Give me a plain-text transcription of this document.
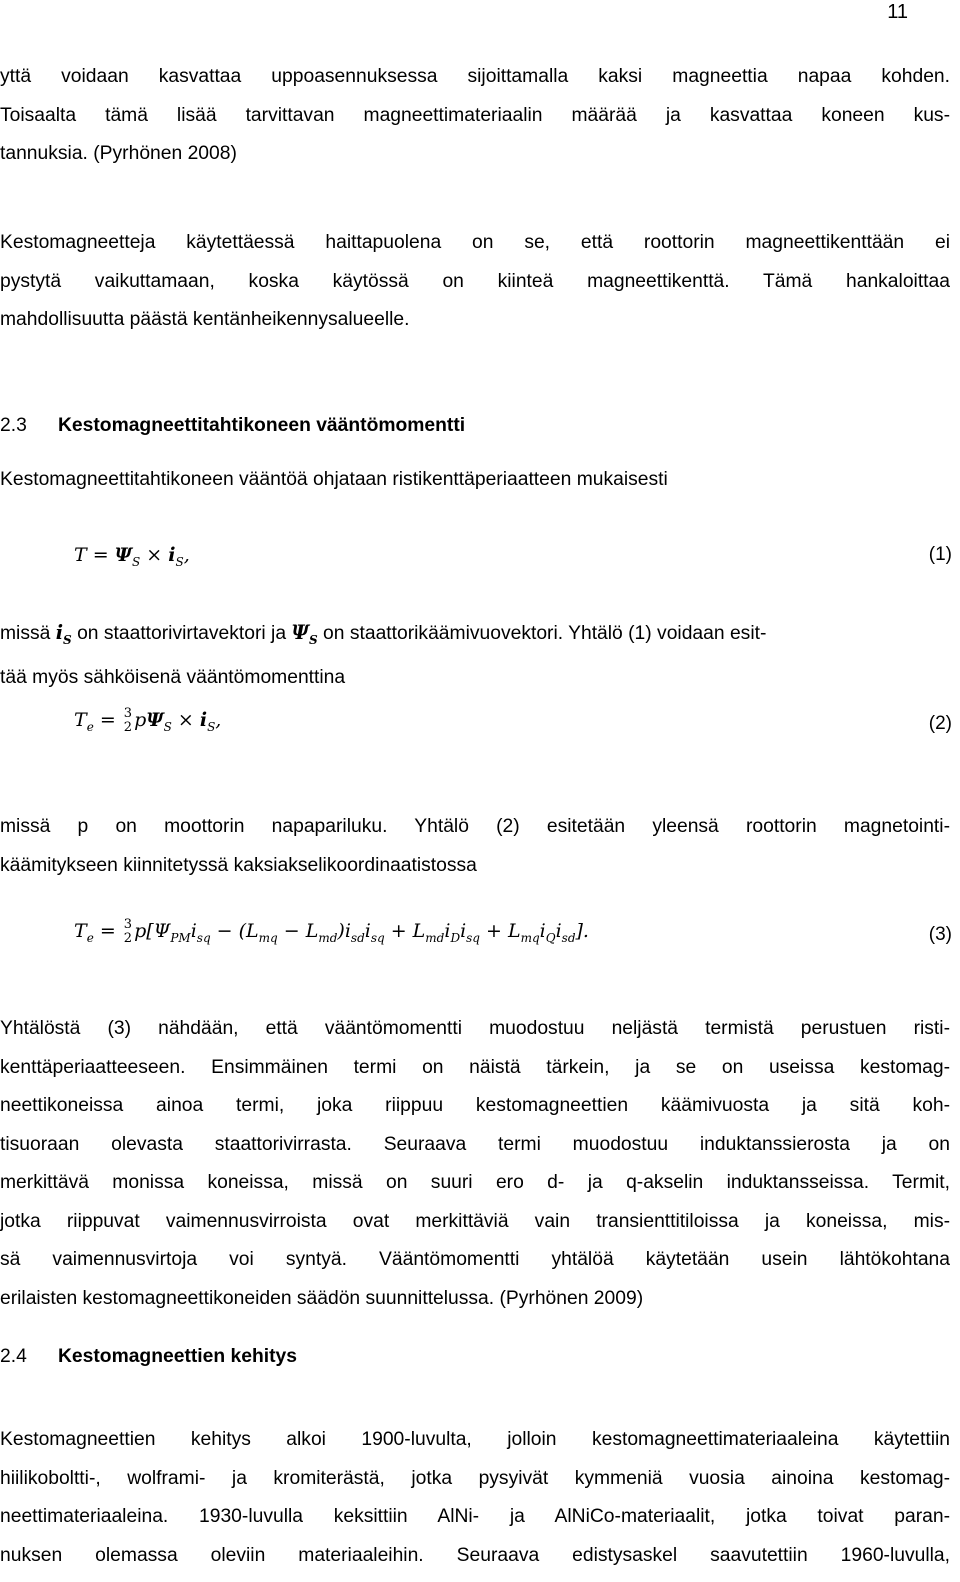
11
yttä voidaan kasvattaa uppoasennuksessa sijoittamalla kaksi magneettia napaa kohden.
Toisaalta tämä lisää tarvittavan magneettimateriaalin määrää ja kasvattaa koneen kus-
tannuksia. (Pyrhönen 2008)
Kestomagneetteja käytettäessä haittapuolena on se, että roottorin magneettikenttään ei
pystytä vaikuttamaan, koska käytössä on kiinteä magneettikenttä. Tämä hankaloittaa
mahdollisuutta päästä kentänheikennysalueelle.
2.3 Kestomagneettitahtikoneen vääntömomentti
Kestomagneettitahtikoneen vääntöä ohjataan ristikenttäperiaatteen mukaisesti
$T = \Psi_S \times i_S$,	(1)
missä $i_S$ on staattorivirtavektori ja $\Psi_S$ on staattorikäämivuovektori. Yhtälö (1) voidaan esit-
tää myös sähköisenä vääntömomenttina
$T_e = 3$
2 $p\Psi_S \times i_S$,	(2)
missä p on moottorin napapariluku. Yhtälö (2) esitetään yleensä roottorin magnetointi-
käämitykseen kiinnitetyssä kaksiakselikoordinaatistossa
$T_e = 3$
2 $p[\Psi_{PM}i_{sq} - (L_{mq} - L_{md})i_{sd}i_{sq} + L_{md}i_Di_{sq} + L_{mq}i_Qi_{sd}]$.	(3)
Yhtälöstä (3) nähdään, että vääntömomentti muodostuu neljästä termistä perustuen risti-
kenttäperiaatteeseen. Ensimmäinen termi on näistä tärkein, ja se on useissa kestomag-
neettikoneissa ainoa termi, joka riippuu kestomagneettien käämivuosta ja sitä koh-
tisuoraan olevasta staattorivirrasta. Seuraava termi muodostuu induktanssierosta ja on
merkittävä monissa koneissa, missä on suuri ero d- ja q-akselin induktansseissa. Termit,
jotka riippuvat vaimennusvirroista ovat merkittäviä vain transienttitiloissa ja koneissa, mis-
sä vaimennusvirtoja voi syntyä. Vääntömomentti yhtälöä käytetään usein lähtökohtana
erilaisten kestomagneettikoneiden säädön suunnittelussa. (Pyrhönen 2009)
2.4 Kestomagneettien kehitys
Kestomagneettien kehitys alkoi 1900-luvulta, jolloin kestomagneettimateriaaleina käytettiin
hiilikoboltti-, wolframi- ja kromiterästä, jotka pysyivät kymmeniä vuosia ainoina kestomag-
neettimateriaaleina. 1930-luvulla keksittiin AlNi- ja AlNiCo-materiaalit, jotka toivat paran-
nuksen olemassa oleviin materiaaleihin. Seuraava edistysaskel saavutettiin 1960-luvulla,
